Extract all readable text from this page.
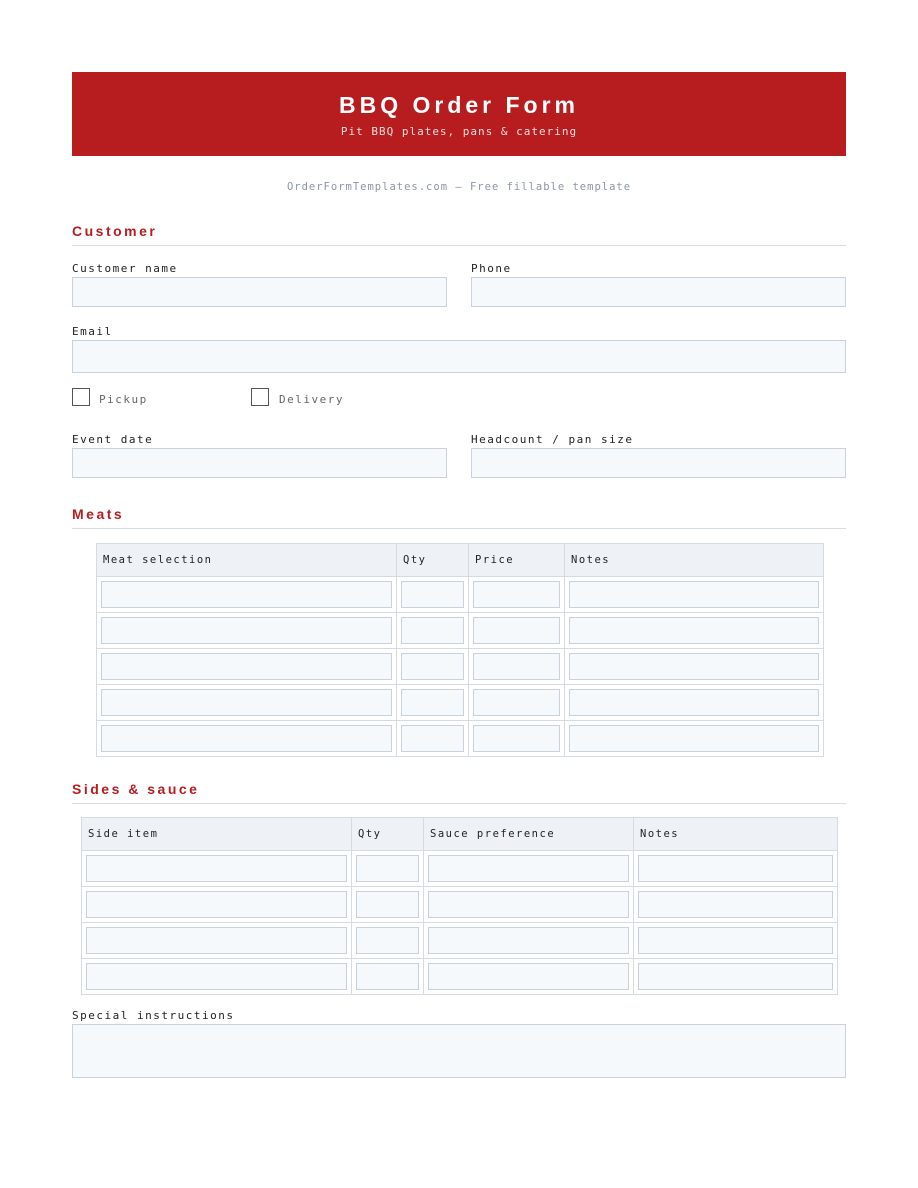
BBQ Order Form
Pit BBQ plates, pans & catering
OrderFormTemplates.com — Free fillable template
Customer
Customer name	Phone
Email
Pickup	Delivery
Event date	Headcount / pan size
Meats
Meat selection	Qty	Price	Notes

Sides & sauce
Side item	Qty	Sauce preference	Notes

Special instructions
